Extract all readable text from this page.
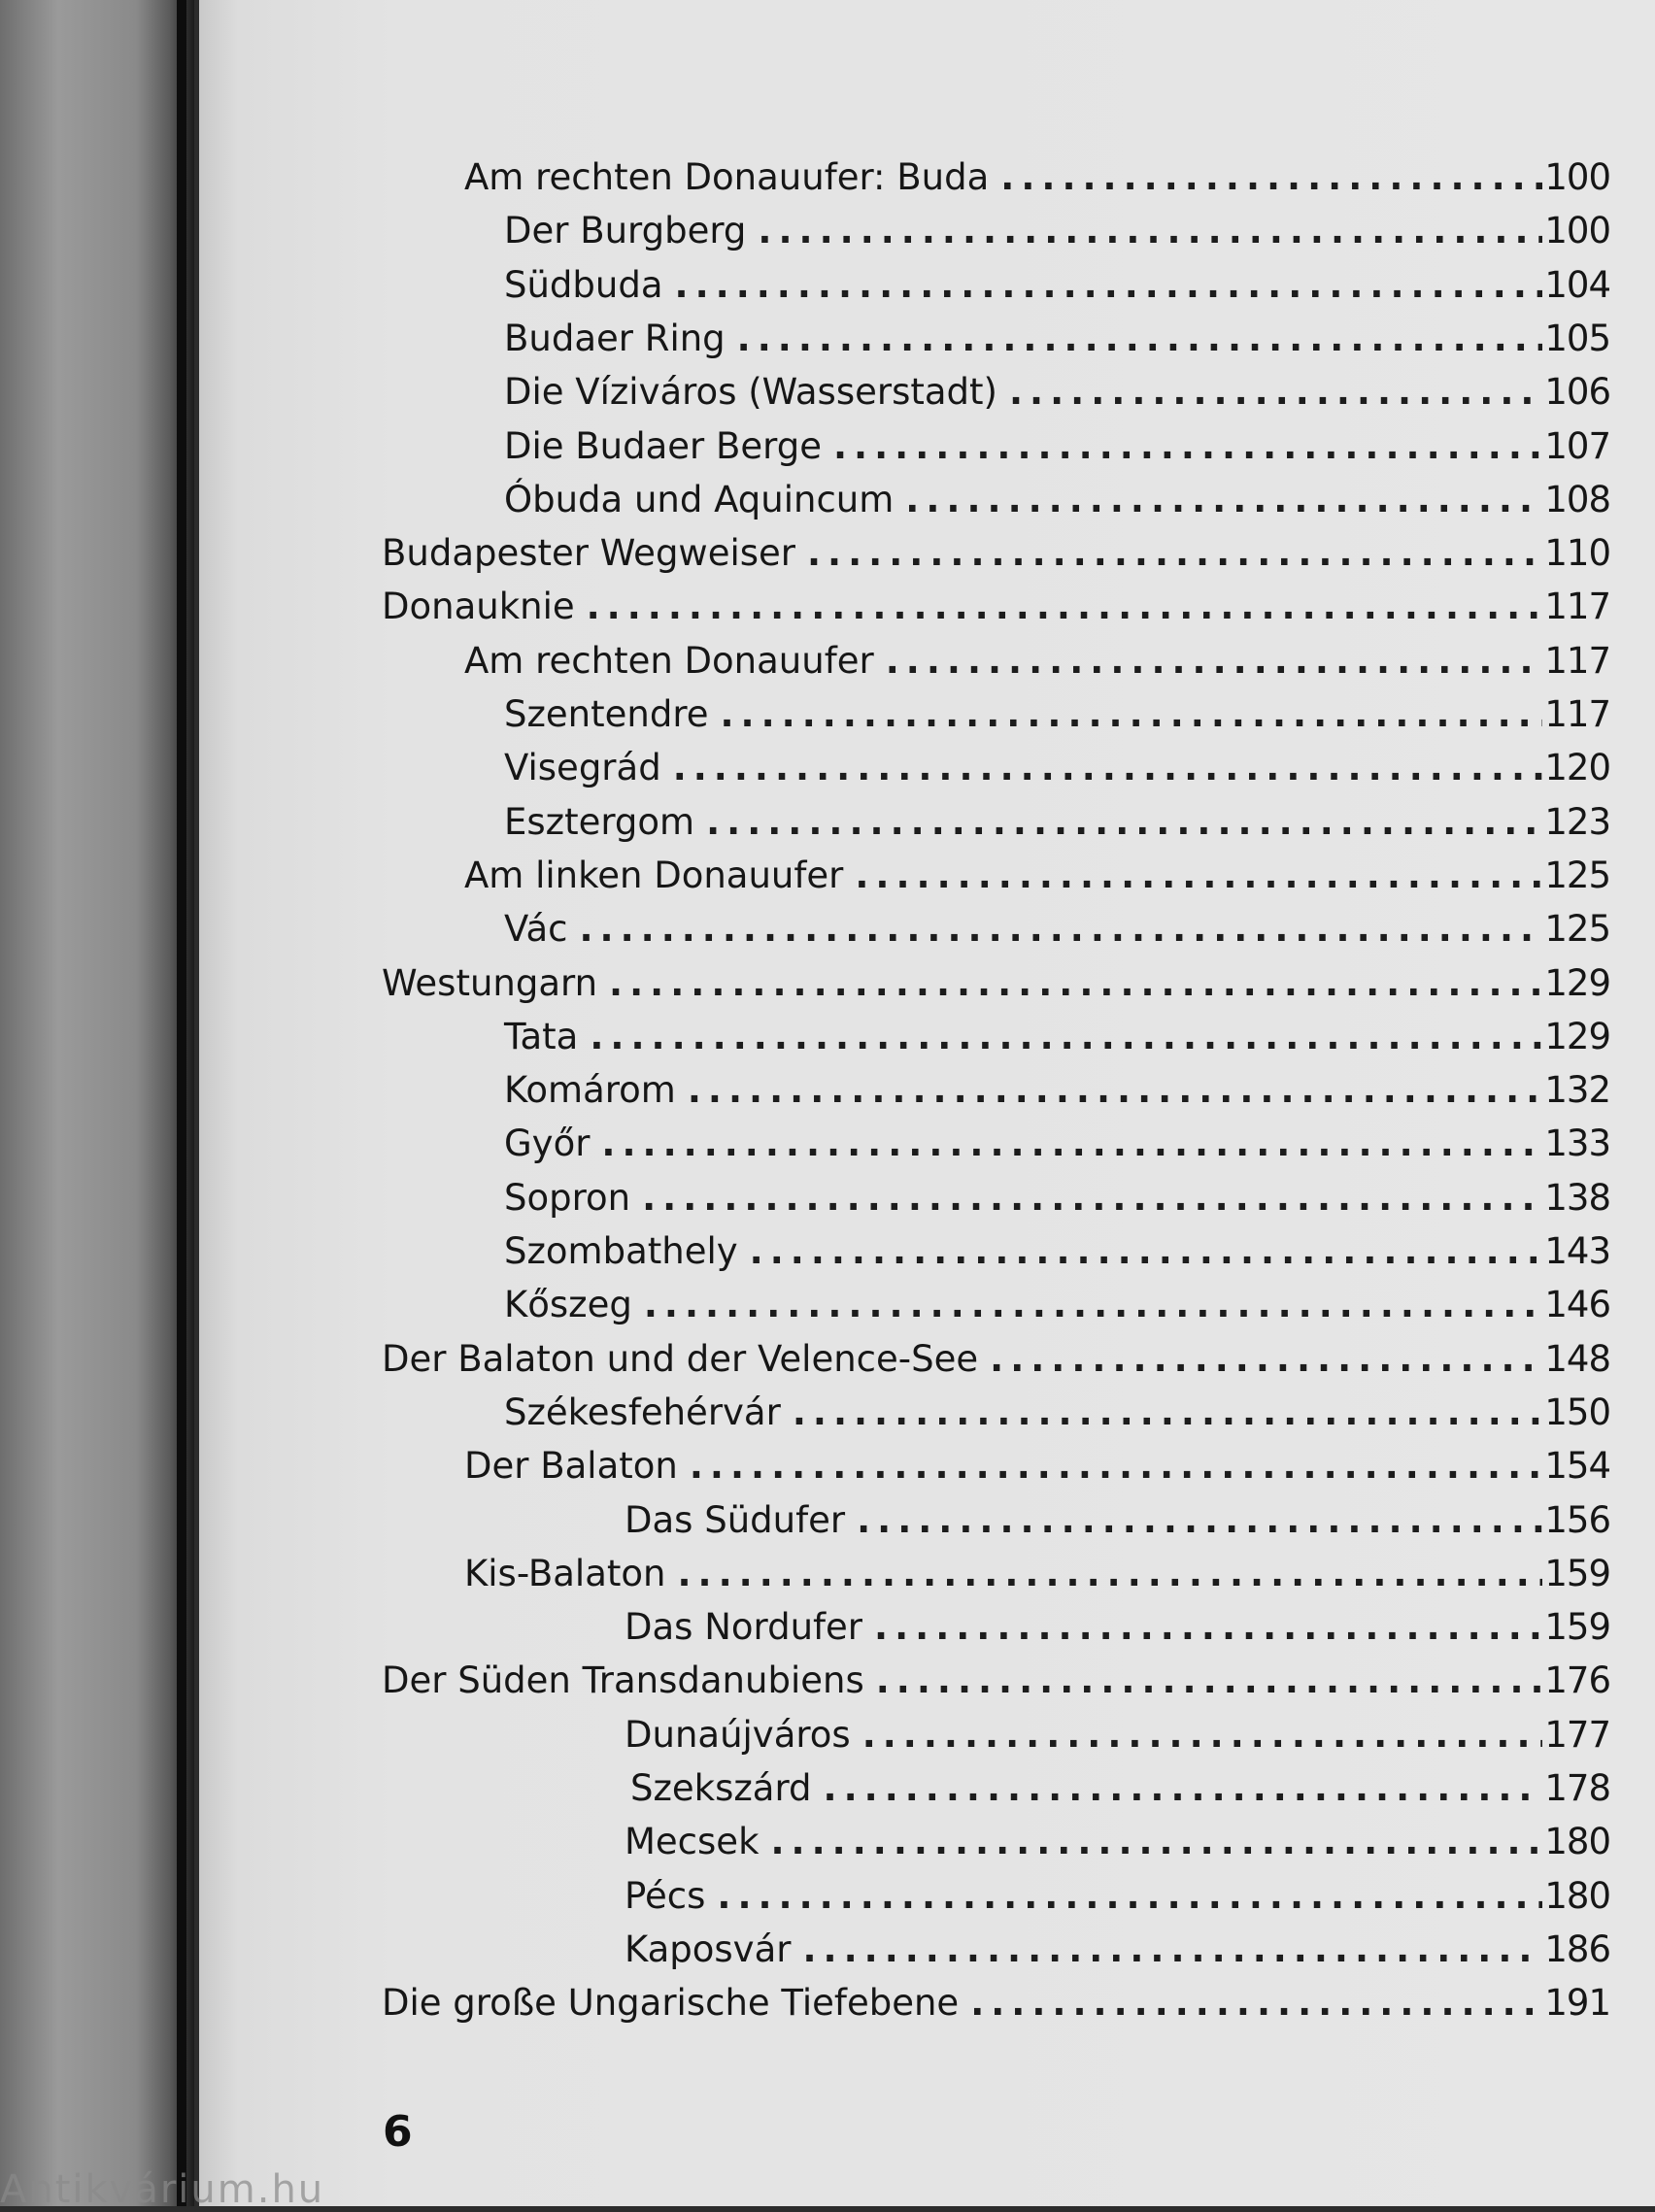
Am rechten Donauufer: Buda .....	100
Der Burgberg .....	100
Südbuda .....	104
Budaer Ring .....	105
Die Víziváros (Wasserstadt) .....	106
Die Budaer Berge .....	107
Óbuda und Aquincum .....	108
Budapester Wegweiser .....	110
Donauknie .....	117
Am rechten Donauufer .....	117
Szentendre .....	117
Visegrád .....	120
Esztergom .....	123
Am linken Donauufer .....	125
Vác .....	125
Westungarn .....	129
Tata .....	129
Komárom .....	132
Győr .....	133
Sopron .....	138
Szombathely .....	143
Kőszeg .....	146
Der Balaton und der Velence-See .....	148
Székesfehérvár .....	150
Der Balaton .....	154
Das Südufer .....	156
Kis-Balaton .....	159
Das Nordufer .....	159
Der Süden Transdanubiens .....	176
Dunaújváros .....	177
Szekszárd .....	178
Mecsek .....	180
Pécs .....	180
Kaposvár .....	186
Die große Ungarische Tiefebene .....	191
6
Antikvárium.hu
